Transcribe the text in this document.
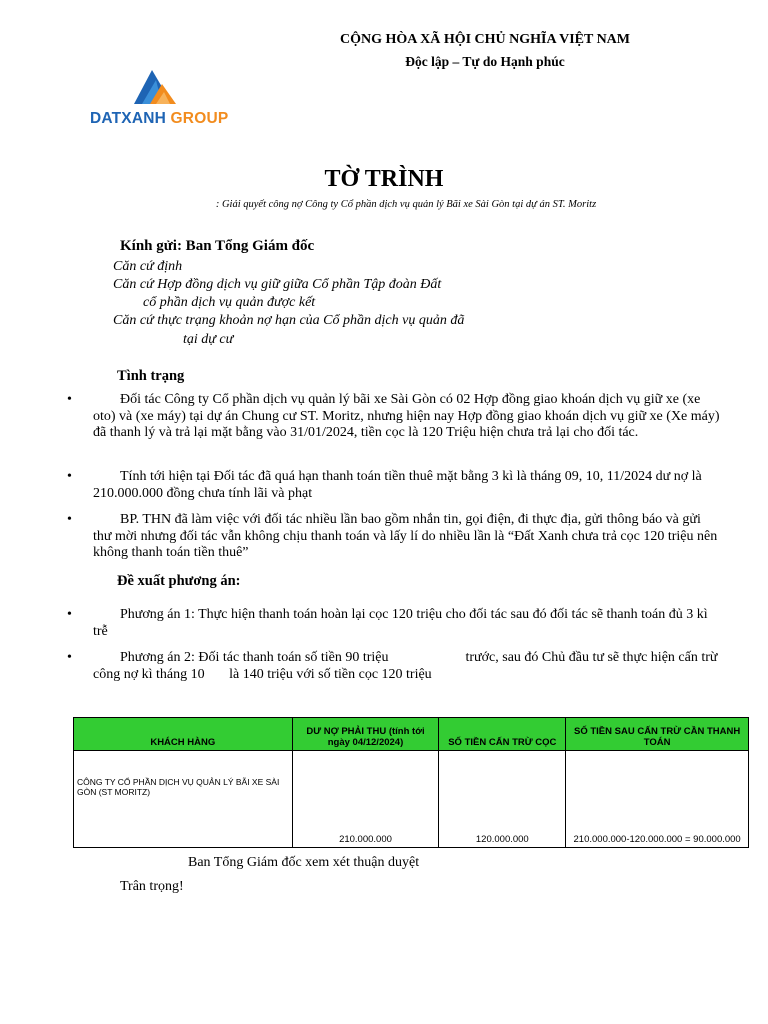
CỘNG HÒA XÃ HỘI CHỦ NGHĨA VIỆT NAM
Độc lập – Tự do Hạnh phúc
DATXANH GROUP
TỜ TRÌNH
: Giải quyết công nợ Công ty Cổ phần dịch vụ quản lý Bãi xe Sài Gòn tại dự án ST. Moritz
Kính gửi: Ban Tổng Giám đốc
Căn cứ định
Căn cứ Hợp đồng dịch vụ giữ giữa Cổ phần Tập đoàn Đất
cổ phần dịch vụ quản được kết
Căn cứ thực trạng khoản nợ hạn của Cổ phần dịch vụ quản đã
tại dự cư
Tình trạng
•	Đối tác Công ty Cổ phần dịch vụ quản lý bãi xe Sài Gòn có 02 Hợp đồng giao khoán dịch vụ giữ xe (xe oto) và (xe máy) tại dự án Chung cư ST. Moritz, nhưng hiện nay Hợp đồng giao khoán dịch vụ giữ xe (Xe máy) đã thanh lý và trả lại mặt bằng vào 31/01/2024, tiền cọc là 120 Triệu hiện chưa trả lại cho đối tác.
•	Tính tới hiện tại Đối tác đã quá hạn thanh toán tiền thuê mặt bằng 3 kì là tháng 09, 10, 11/2024 dư nợ là 210.000.000 đồng chưa tính lãi và phạt
•	BP. THN đã làm việc với đối tác nhiều lần bao gồm nhắn tin, gọi điện, đi thực địa, gửi thông báo và gửi thư mời nhưng đối tác vẫn không chịu thanh toán và lấy lí do nhiều lần là “Đất Xanh chưa trả cọc 120 triệu nên không thanh toán tiền thuê”
Đề xuất phương án:
•	Phương án 1: Thực hiện thanh toán hoàn lại cọc 120 triệu cho đối tác sau đó đối tác sẽ thanh toán đủ 3 kì trễ
•	Phương án 2: Đối tác thanh toán số tiền 90 triệu                      trước, sau đó Chủ đầu tư sẽ thực hiện cấn trừ công nợ kì tháng 10       là 140 triệu với số tiền cọc 120 triệu
KHÁCH HÀNG	DƯ NỢ PHẢI THU (tính tới ngày 04/12/2024)	SỐ TIỀN CẤN TRỪ CỌC	SỐ TIỀN SAU CẤN TRỪ CẦN THANH TOÁN
CÔNG TY CỔ PHẦN DỊCH VỤ QUẢN LÝ BÃI XE SÀI GÒN (ST MORITZ)	210.000.000	120.000.000	210.000.000-120.000.000 = 90.000.000
Ban Tổng Giám đốc xem xét thuận duyệt
Trân trọng!
